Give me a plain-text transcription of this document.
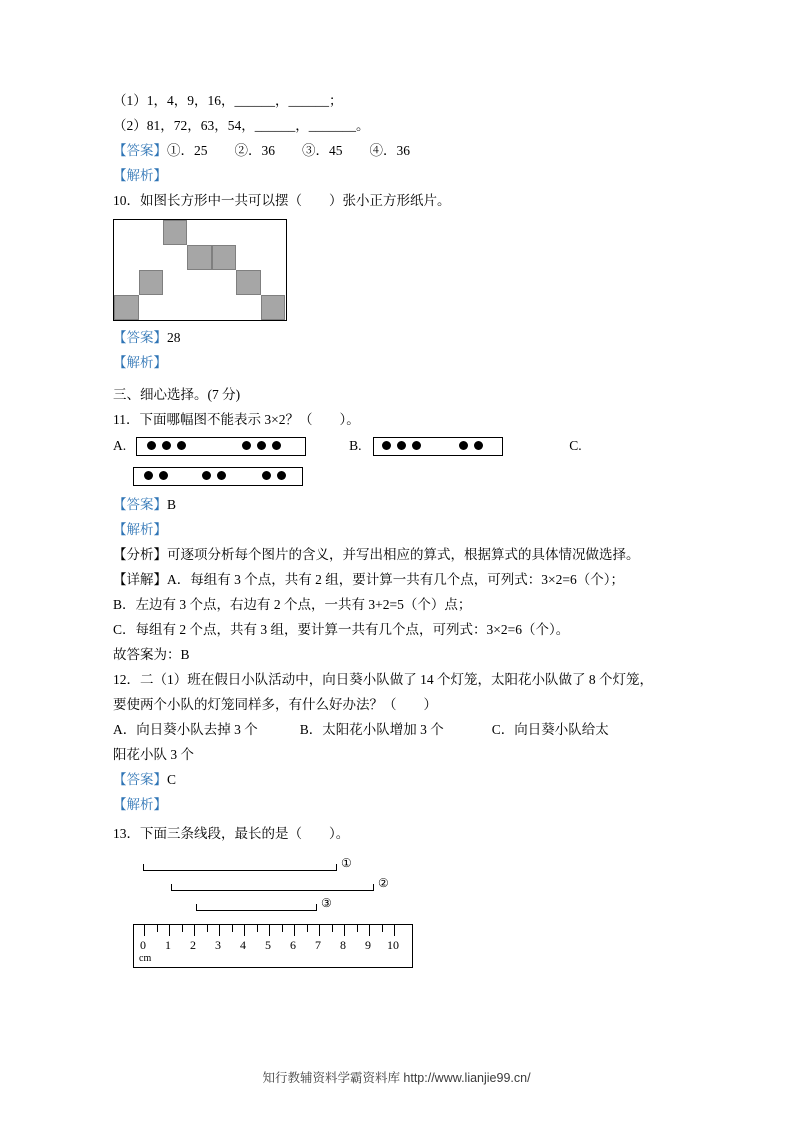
（1）1，4，9，16，______，______；
（2）81，72，63，54，______，_______。
【答案】①．25　　②．36　　③．45　　④．36
【解析】
10．如图长方形中一共可以摆（　　）张小正方形纸片。
【答案】28
【解析】
三、细心选择。(7 分)
11．下面哪幅图不能表示 3×2？（　　）。
A.	B.	C.
【答案】B
【解析】
【分析】可逐项分析每个图片的含义，并写出相应的算式，根据算式的具体情况做选择。
【详解】A．每组有 3 个点，共有 2 组，要计算一共有几个点，可列式：3×2=6（个）；
B．左边有 3 个点，右边有 2 个点，一共有 3+2=5（个）点；
C．每组有 2 个点，共有 3 组，要计算一共有几个点，可列式：3×2=6（个）。
故答案为：B
12．二（1）班在假日小队活动中，向日葵小队做了 14 个灯笼，太阳花小队做了 8 个灯笼，
要使两个小队的灯笼同样多，有什么好办法？（　　）
A．向日葵小队去掉 3 个	B．太阳花小队增加 3 个	C．向日葵小队给太
阳花小队 3 个
【答案】C
【解析】
13．下面三条线段，最长的是（　　）。
①
②
③
0 1 2 3 4 5 6 7 8 9 10
cm
知行教辅资料学霸资料库 http://www.lianjie99.cn/
